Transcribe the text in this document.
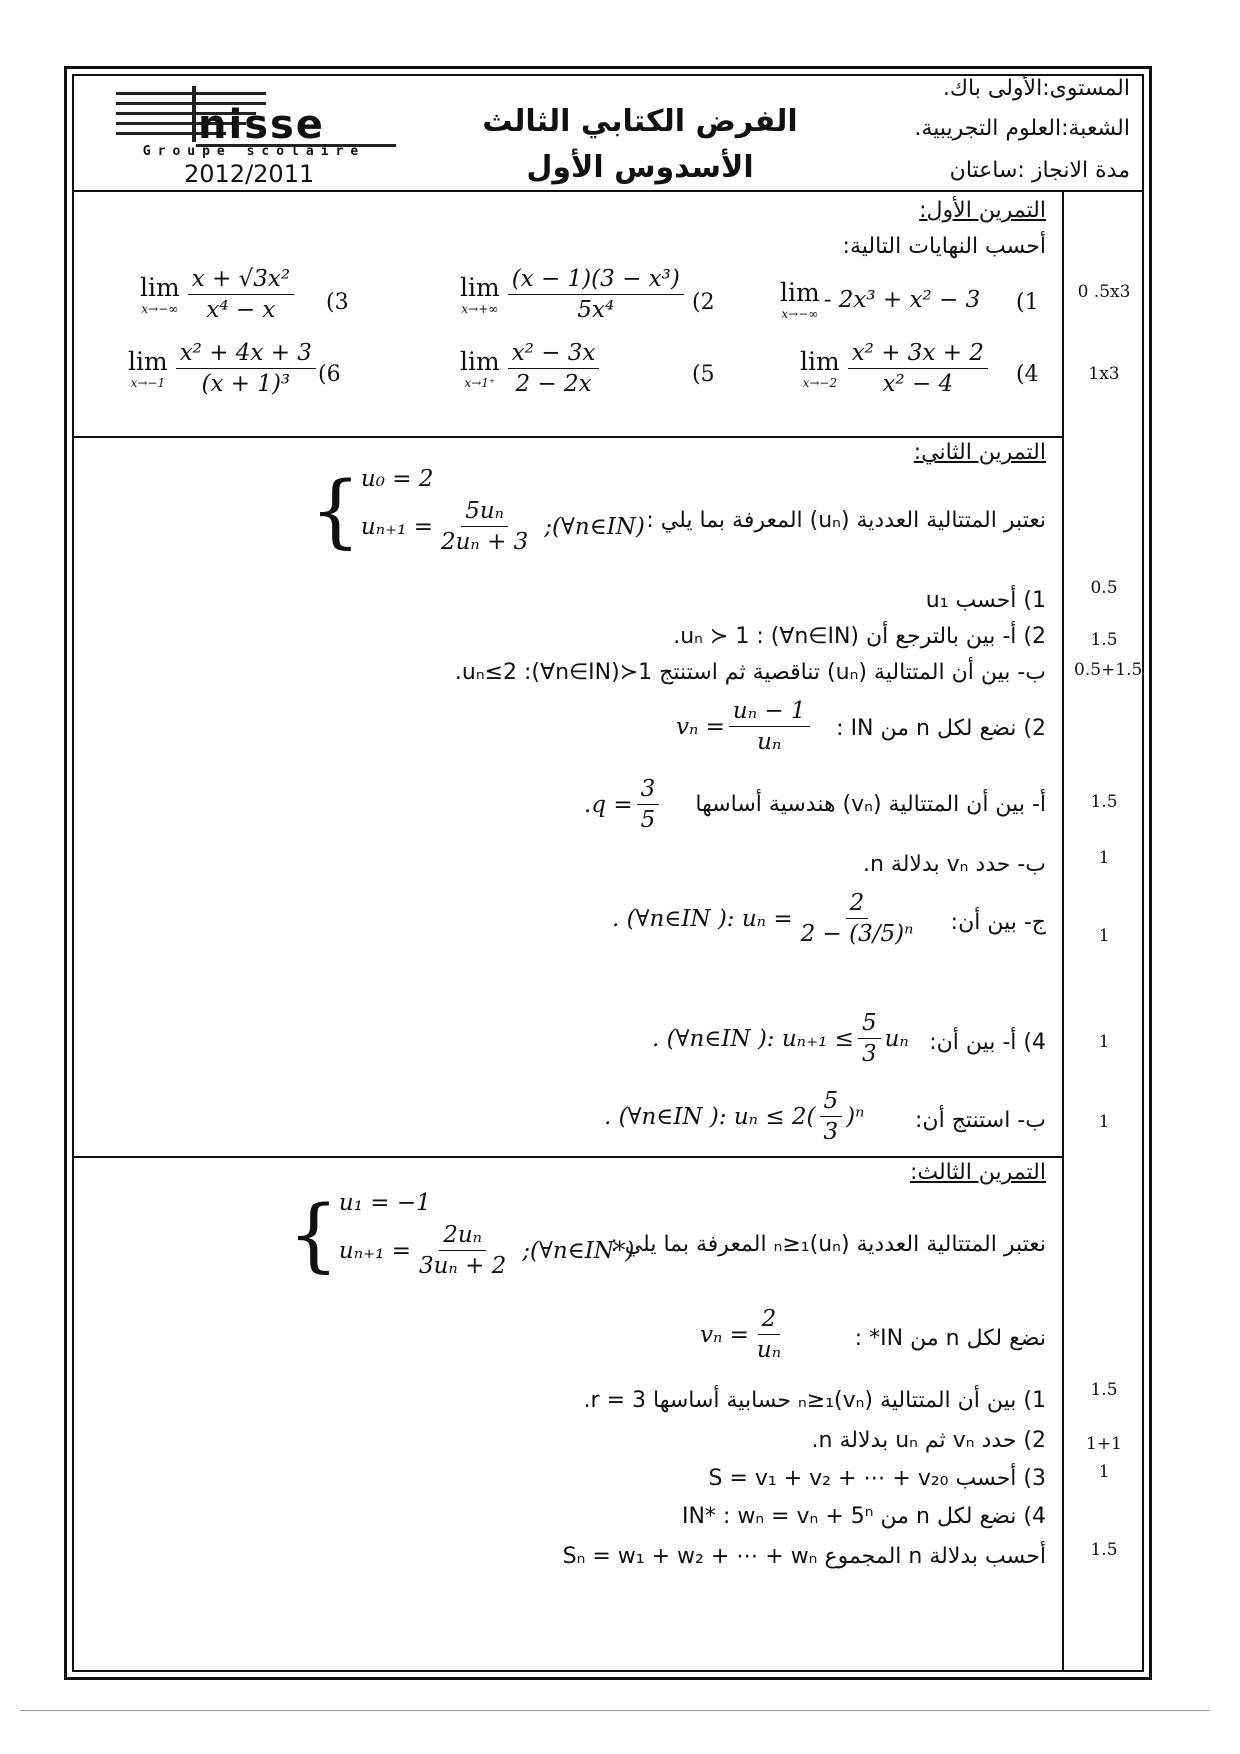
المستوى:الأولى باك.
الشعبة:العلوم التجريبية.
مدة الانجاز :ساعتان
الفرض الكتابي الثالث
الأسدوس الأول
nisse
Groupe scolaire
2012/2011
التمرين الأول:
أحسب النهايات التالية:
0 .5x3
1x3
(1
lim
x→−∞
- 2x³ + x² − 3
(2
lim
$x\to+\infty \frac{\text{(x − 1)(3 − x³)}}{\text{5x⁴}}$
(3
lim
$x\to-\infty \frac{\text{x + √3x²}}{\text{x⁴ − x}}$
(4
lim
$x\to-2 \frac{\text{x² + 3x + 2}}{\text{x² − 4}}$
(5
lim
$x\to 1^+ \frac{\text{x² − 3x}}{2 - 2x}$
(6
lim
$x\to-1 \frac{\text{x² + 4x + 3}}{\text{(x + 1)³}}$
التمرين الثاني:
نعتبر المتتالية العددية (uₙ) المعرفة بما يلي :
{ u₀ = 2
$u_{n+1} = \frac{\text{5uₙ}}{\text{2uₙ + 3}}$ ;(∀n∈IN)
1) أحسب u₁
2) أ- بين بالترجع أن uₙ ≻ 1 : (∀n∈IN).
ب- بين أن المتتالية (uₙ) تناقصية ثم استنتج 1≺uₙ≤2 :(∀n∈IN).
2) نضع لكل n من IN :
$v_n = \frac{\text{uₙ − 1}}{\text{uₙ}}$
أ- بين أن المتتالية (vₙ) هندسية أساسها
$.q = \frac{3}{5}$
ب- حدد vₙ بدلالة n.
ج- بين أن:
. (∀n∈IN ): $u_n = \frac{2}{\text{2 − (3/5)ⁿ}}$
4) أ- بين أن:
. (∀n∈IN ): $u_{n+1} \le \frac{5}{3}$ uₙ
ب- استنتج أن:
. (∀n∈IN ): $u_n \le 2( \frac{5}{3} )^n$
0.5
1.5
0.5+1.5
1.5
1
1
1
1
التمرين الثالث:
نعتبر المتتالية العددية (uₙ)ₙ≥₁ المعرفة بما يلي :
{ u₁ = −1
$u_{n+1} = \frac{\text{2uₙ}}{\text{3uₙ + 2}}$ ;(∀n∈IN*)
نضع لكل n من IN* :
$v_n = \frac{2}{\text{uₙ}}$
1) بين أن المتتالية (vₙ)ₙ≥₁ حسابية أساسها r = 3.
2) حدد vₙ ثم uₙ بدلالة n.
3) أحسب S = v₁ + v₂ + ⋯ + v₂₀
4) نضع لكل n من IN* : wₙ = vₙ + 5ⁿ
أحسب بدلالة n المجموع Sₙ = w₁ + w₂ + ⋯ + wₙ
1.5
1+1
1
1.5
